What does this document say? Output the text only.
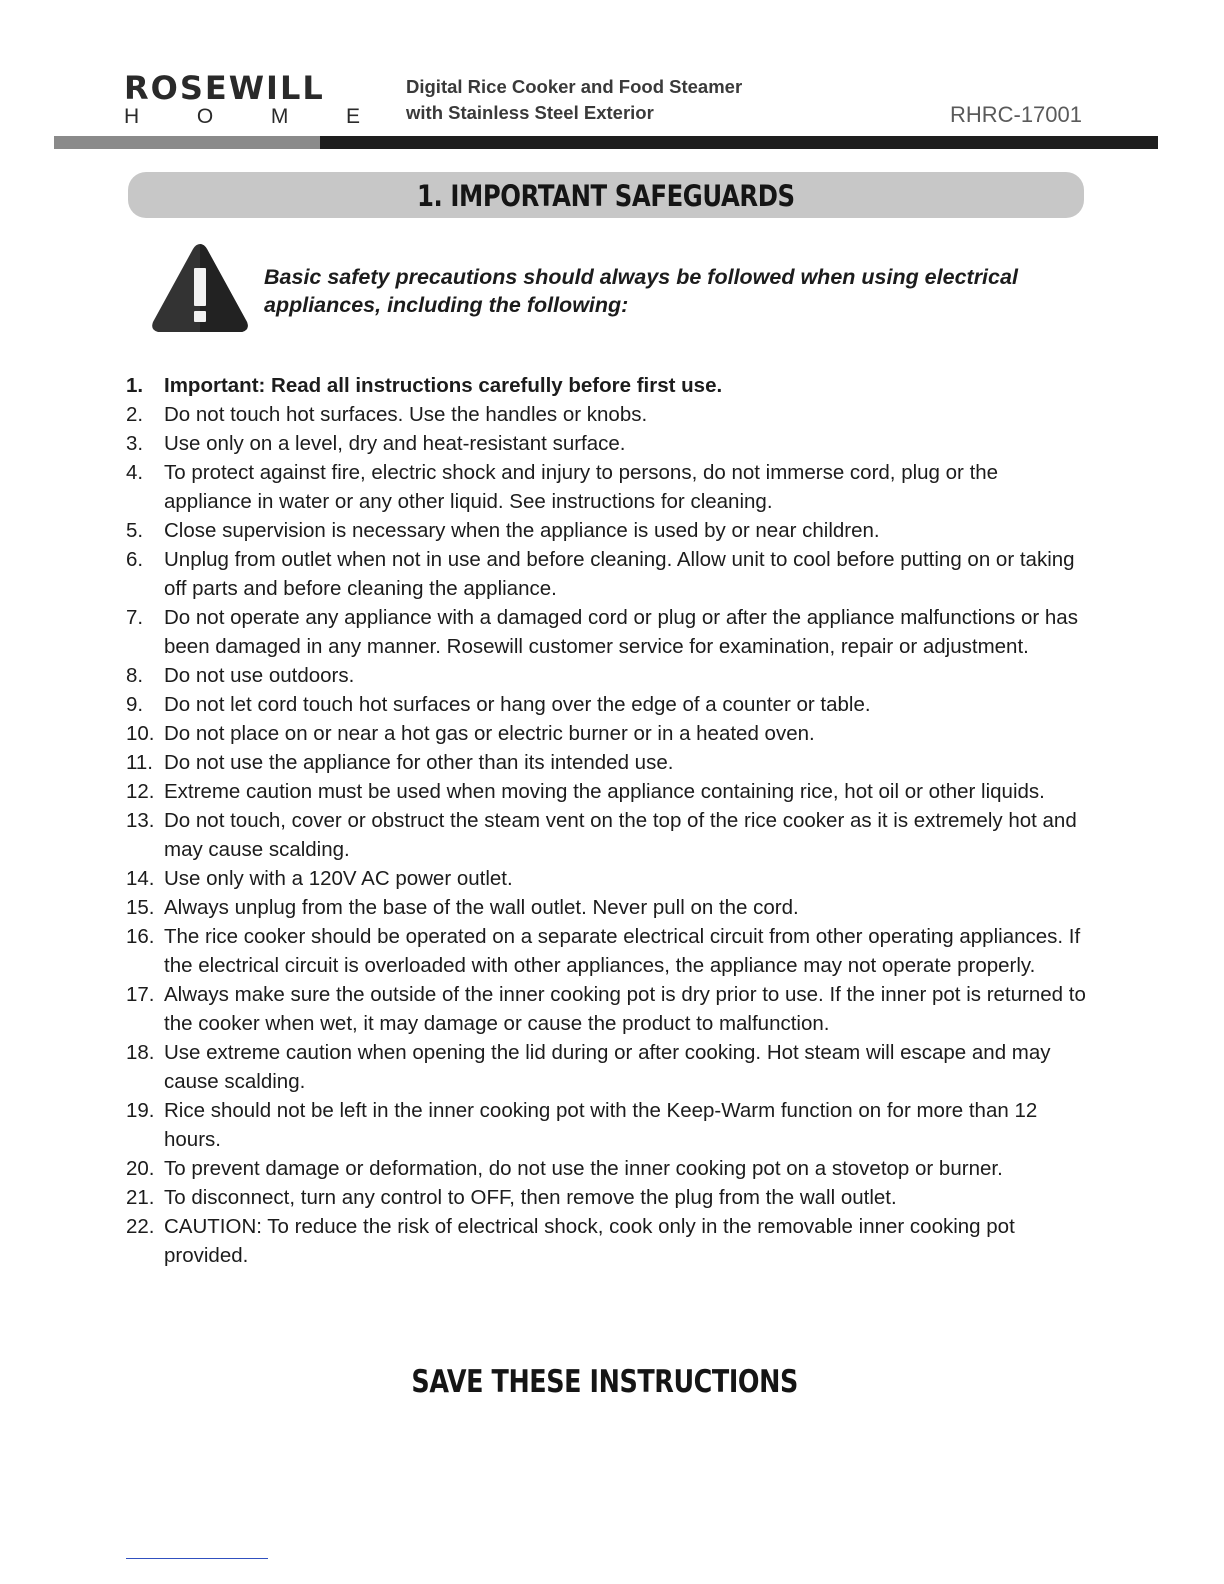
ROSEWILL
H	O	M	E
Digital Rice Cooker and Food Steamer
with Stainless Steel Exterior	RHRC-17001
1. IMPORTANT SAFEGUARDS
Basic safety precautions should always be followed when using electrical appliances, including the following:
1. Important: Read all instructions carefully before first use.
2. Do not touch hot surfaces. Use the handles or knobs.
3. Use only on a level, dry and heat-resistant surface.
4. To protect against fire, electric shock and injury to persons, do not immerse cord, plug or the appliance in water or any other liquid. See instructions for cleaning.
5. Close supervision is necessary when the appliance is used by or near children.
6. Unplug from outlet when not in use and before cleaning. Allow unit to cool before putting on or taking off parts and before cleaning the appliance.
7. Do not operate any appliance with a damaged cord or plug or after the appliance malfunctions or has been damaged in any manner. Rosewill customer service for examination, repair or adjustment.
8. Do not use outdoors.
9. Do not let cord touch hot surfaces or hang over the edge of a counter or table.
10. Do not place on or near a hot gas or electric burner or in a heated oven.
11. Do not use the appliance for other than its intended use.
12. Extreme caution must be used when moving the appliance containing rice, hot oil or other liquids.
13. Do not touch, cover or obstruct the steam vent on the top of the rice cooker as it is extremely hot and may cause scalding.
14. Use only with a 120V AC power outlet.
15. Always unplug from the base of the wall outlet. Never pull on the cord.
16. The rice cooker should be operated on a separate electrical circuit from other operating appliances. If the electrical circuit is overloaded with other appliances, the appliance may not operate properly.
17. Always make sure the outside of the inner cooking pot is dry prior to use. If the inner pot is returned to the cooker when wet, it may damage or cause the product to malfunction.
18. Use extreme caution when opening the lid during or after cooking. Hot steam will escape and may cause scalding.
19. Rice should not be left in the inner cooking pot with the Keep-Warm function on for more than 12 hours.
20. To prevent damage or deformation, do not use the inner cooking pot on a stovetop or burner.
21. To disconnect, turn any control to OFF, then remove the plug from the wall outlet.
22. CAUTION: To reduce the risk of electrical shock, cook only in the removable inner cooking pot provided.
SAVE THESE INSTRUCTIONS
